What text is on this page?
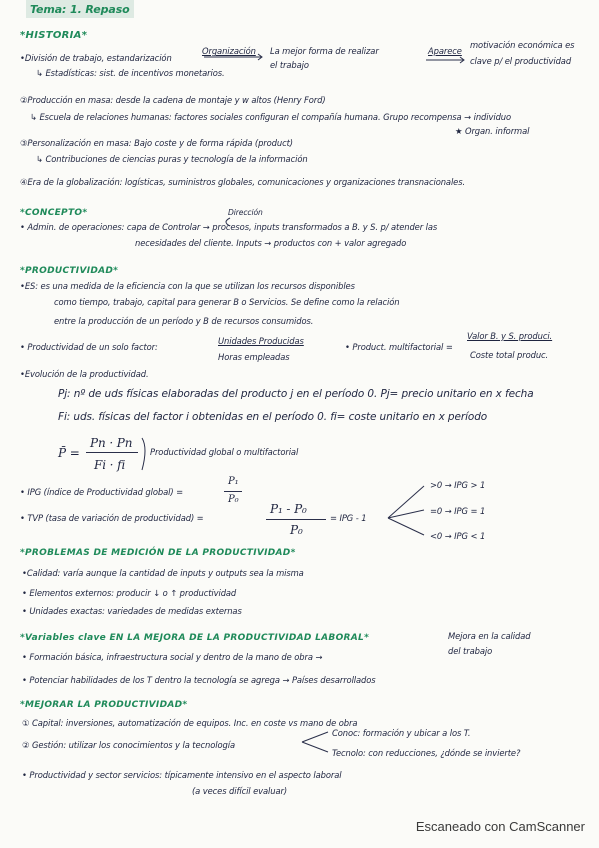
Tema: 1. Repaso
*HISTORIA*
•División de trabajo, estandarización
Organización La mejor forma de realizar
el trabajo
Aparece
motivación económica es
clave p/ el productividad
↳ Estadísticas: sist. de incentivos monetarios.
②Producción en masa: desde la cadena de montaje y w altos (Henry Ford)
↳ Escuela de relaciones humanas: factores sociales configuran el compañía humana. Grupo recompensa → individuo
★ Organ. informal
③Personalización en masa: Bajo coste y de forma rápida (product)
↳ Contribuciones de ciencias puras y tecnología de la información
④Era de la globalización: logísticas, suministros globales, comunicaciones y organizaciones transnacionales.
*CONCEPTO*	Dirección
• Admin. de operaciones: capa de Controlar → procesos, inputs transformados a B. y S. p/ atender las
necesidades del cliente. Inputs → productos con + valor agregado
*PRODUCTIVIDAD*
•ES: es una medida de la eficiencia con la que se utilizan los recursos disponibles
como tiempo, trabajo, capital para generar B o Servicios. Se define como la relación
entre la producción de un período y B de recursos consumidos.
• Productividad de un solo factor:
Unidades Producidas
Horas empleadas
• Product. multifactorial =
Valor B. y S. produci.
Coste total produc.
•Evolución de la productividad.
Pj: nº de uds físicas elaboradas del producto j en el período 0. Pj= precio unitario en x fecha
Fi: uds. físicas del factor i obtenidas en el período 0. fi= coste unitario en x período
P̄ =
Pn · Pn
Fi · fi
Productividad global o multifactorial
• IPG (índice de Productividad global) =
P₁
P₀
• TVP (tasa de variación de productividad) =
P₁ - P₀
P₀
= IPG - 1
>0 → IPG > 1
=0 → IPG = 1
<0 → IPG < 1
*PROBLEMAS DE MEDICIÓN DE LA PRODUCTIVIDAD*
•Calidad: varía aunque la cantidad de inputs y outputs sea la misma
• Elementos externos: producir ↓ o ↑ productividad
• Unidades exactas: variedades de medidas externas
*Variables clave EN LA MEJORA DE LA PRODUCTIVIDAD LABORAL*	Mejora en la calidad
del trabajo
• Formación básica, infraestructura social y dentro de la mano de obra →
• Potenciar habilidades de los T dentro la tecnología se agrega → Países desarrollados
*MEJORAR LA PRODUCTIVIDAD*
① Capital: inversiones, automatización de equipos. Inc. en coste vs mano de obra
② Gestión: utilizar los conocimientos y la tecnología
Conoc: formación y ubicar a los T.
Tecnolo: con reducciones, ¿dónde se invierte?
• Productividad y sector servicios: típicamente intensivo en el aspecto laboral
(a veces difícil evaluar)
Escaneado con CamScanner
